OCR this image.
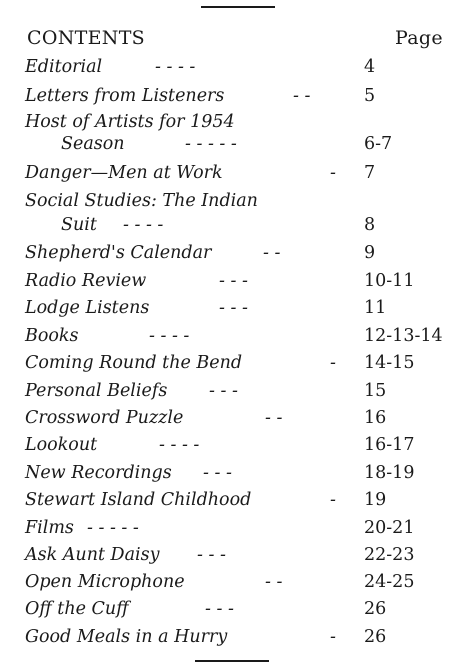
CONTENTS	Page
Editorial	- - - -	4
Letters from Listeners	- -	5
Host of Artists for 1954
Season	- - - - -	6-7
Danger—Men at Work	- 7
Social Studies: The Indian
Suit - - - -	8
Shepherd's Calendar	- -	9
Radio Review	- - -	10-11
Lodge Listens	- - -	11
Books	- - - -	12-13-14
Coming Round the Bend	- 14-15
Personal Beliefs - - -	15
Crossword Puzzle	- -	16
Lookout	- - - -	16-17
New Recordings - - -	18-19
Stewart Island Childhood	- 19
Films - - - - -	20-21
Ask Aunt Daisy - - -	22-23
Open Microphone	- -	24-25
Off the Cuff	- - -	26
Good Meals in a Hurry	- 26
